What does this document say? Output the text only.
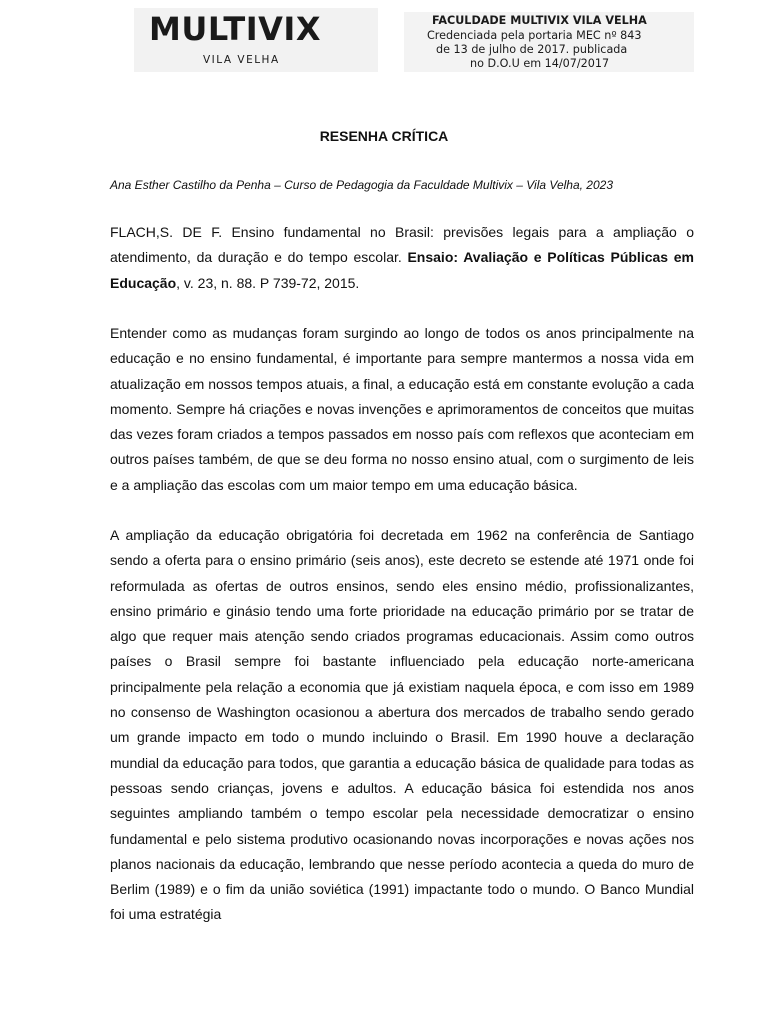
MULTIVIX
VILA VELHA
FACULDADE MULTIVIX VILA VELHA
Credenciada pela portaria MEC nº 843
de 13 de julho de 2017. publicada
no D.O.U em 14/07/2017
RESENHA CRÍTICA
Ana Esther Castilho da Penha – Curso de Pedagogia da Faculdade Multivix – Vila Velha, 2023
FLACH,S. DE F. Ensino fundamental no Brasil: previsões legais para a ampliação o atendimento, da duração e do tempo escolar. Ensaio: Avaliação e Políticas Públicas em Educação, v. 23, n. 88. P 739-72, 2015.
Entender como as mudanças foram surgindo ao longo de todos os anos principalmente na educação e no ensino fundamental, é importante para sempre mantermos a nossa vida em atualização em nossos tempos atuais, a final, a educação está em constante evolução a cada momento. Sempre há criações e novas invenções e aprimoramentos de conceitos que muitas das vezes foram criados a tempos passados em nosso país com reflexos que aconteciam em outros países também, de que se deu forma no nosso ensino atual, com o surgimento de leis e a ampliação das escolas com um maior tempo em uma educação básica.
A ampliação da educação obrigatória foi decretada em 1962 na conferência de Santiago sendo a oferta para o ensino primário (seis anos), este decreto se estende até 1971 onde foi reformulada as ofertas de outros ensinos, sendo eles ensino médio, profissionalizantes, ensino primário e ginásio tendo uma forte prioridade na educação primário por se tratar de algo que requer mais atenção sendo criados programas educacionais. Assim como outros países o Brasil sempre foi bastante influenciado pela educação norte-americana principalmente pela relação a economia que já existiam naquela época, e com isso em 1989 no consenso de Washington ocasionou a abertura dos mercados de trabalho sendo gerado um grande impacto em todo o mundo incluindo o Brasil. Em 1990 houve a declaração mundial da educação para todos, que garantia a educação básica de qualidade para todas as pessoas sendo crianças, jovens e adultos. A educação básica foi estendida nos anos seguintes ampliando também o tempo escolar pela necessidade democratizar o ensino fundamental e pelo sistema produtivo ocasionando novas incorporações e novas ações nos planos nacionais da educação, lembrando que nesse período acontecia a queda do muro de Berlim (1989) e o fim da união soviética (1991) impactante todo o mundo. O Banco Mundial foi uma estratégia
